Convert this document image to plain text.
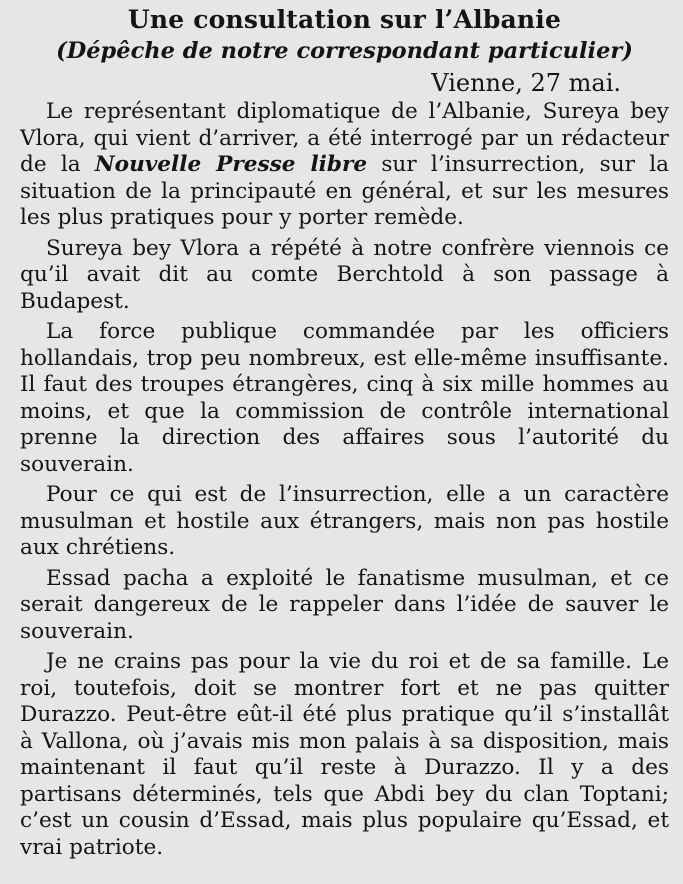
Une consultation sur l’Albanie

(Dépêche de notre correspondant particulier)

Vienne, 27 mai.

Le représentant diplomatique de l’Albanie, Sureya bey Vlora, qui vient d’arriver, a été interrogé par un rédacteur de la Nouvelle Presse libre sur l’insurrection, sur la situation de la principauté en général, et sur les mesures les plus pratiques pour y porter remède.

Sureya bey Vlora a répété à notre confrère viennois ce qu’il avait dit au comte Berchtold à son passage à Budapest.

La force publique commandée par les officiers hollandais, trop peu nombreux, est elle-même insuffisante. Il faut des troupes étrangères, cinq à six mille hommes au moins, et que la commission de contrôle international prenne la direction des affaires sous l’autorité du souverain.

Pour ce qui est de l’insurrection, elle a un caractère musulman et hostile aux étrangers, mais non pas hostile aux chrétiens.

Essad pacha a exploité le fanatisme musulman, et ce serait dangereux de le rappeler dans l’idée de sauver le souverain.

Je ne crains pas pour la vie du roi et de sa famille. Le roi, toutefois, doit se montrer fort et ne pas quitter Durazzo. Peut-être eût-il été plus pratique qu’il s’installât à Vallona, où j’avais mis mon palais à sa disposition, mais maintenant il faut qu’il reste à Durazzo. Il y a des partisans déterminés, tels que Abdi bey du clan Toptani; c’est un cousin d’Essad, mais plus populaire qu’Essad, et vrai patriote.
